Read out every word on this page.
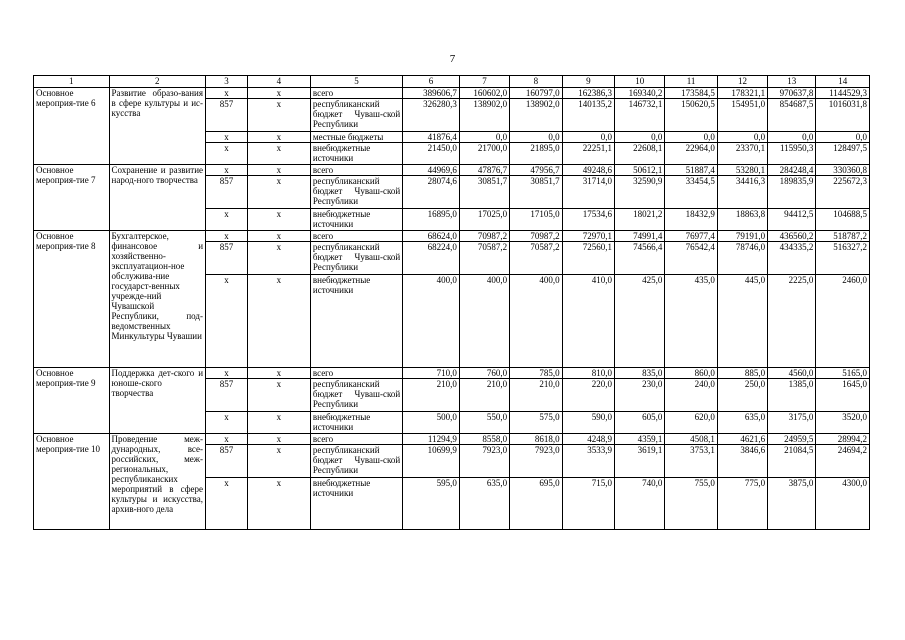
7
1	2	3	4	5	6	7	8	9	10	11	12	13	14
Основное мероприя-тие 6	Развитие образо-вания в сфере культуры и ис-кусства	x	x	всего	389606,7	160602,0	160797,0	162386,3	169340,2	173584,5	178321,1	970637,8	1144529,3
		857	x	республиканский бюджет Чуваш-ской Республики	326280,3	138902,0	138902,0	140135,2	146732,1	150620,5	154951,0	854687,5	1016031,8
		x	x	местные бюджеты	41876,4	0,0	0,0	0,0	0,0	0,0	0,0	0,0	0,0
		x	x	внебюджетные источники	21450,0	21700,0	21895,0	22251,1	22608,1	22964,0	23370,1	115950,3	128497,5
Основное мероприя-тие 7	Сохранение и развитие народ-ного творчества	x	x	всего	44969,6	47876,7	47956,7	49248,6	50612,1	51887,4	53280,1	284248,4	330360,8
		857	x	республиканский бюджет Чуваш-ской Республики	28074,6	30851,7	30851,7	31714,0	32590,9	33454,5	34416,3	189835,9	225672,3
		x	x	внебюджетные источники	16895,0	17025,0	17105,0	17534,6	18021,2	18432,9	18863,8	94412,5	104688,5
Основное мероприя-тие 8	Бухгалтерское, финансовое и хозяйственно-эксплуатацион-ное обслужива-ние государст-венных учрежде-ний Чувашской Республики, под-ведомственных Минкультуры Чувашии	x	x	всего	68624,0	70987,2	70987,2	72970,1	74991,4	76977,4	79191,0	436560,2	518787,2
		857	x	республиканский бюджет Чуваш-ской Республики	68224,0	70587,2	70587,2	72560,1	74566,4	76542,4	78746,0	434335,2	516327,2
		x	x	внебюджетные источники	400,0	400,0	400,0	410,0	425,0	435,0	445,0	2225,0	2460,0
Основное мероприя-тие 9	Поддержка дет-ского и юноше-ского творчества	x	x	всего	710,0	760,0	785,0	810,0	835,0	860,0	885,0	4560,0	5165,0
		857	x	республиканский бюджет Чуваш-ской Республики	210,0	210,0	210,0	220,0	230,0	240,0	250,0	1385,0	1645,0
		x	x	внебюджетные источники	500,0	550,0	575,0	590,0	605,0	620,0	635,0	3175,0	3520,0
Основное мероприя-тие 10	Проведение меж-дународных, все-российских, меж-региональных, республиканских мероприятий в сфере культуры и искусства, архив-ного дела	x	x	всего	11294,9	8558,0	8618,0	4248,9	4359,1	4508,1	4621,6	24959,5	28994,2
		857	x	республиканский бюджет Чуваш-ской Республики	10699,9	7923,0	7923,0	3533,9	3619,1	3753,1	3846,6	21084,5	24694,2
		x	x	внебюджетные источники	595,0	635,0	695,0	715,0	740,0	755,0	775,0	3875,0	4300,0
